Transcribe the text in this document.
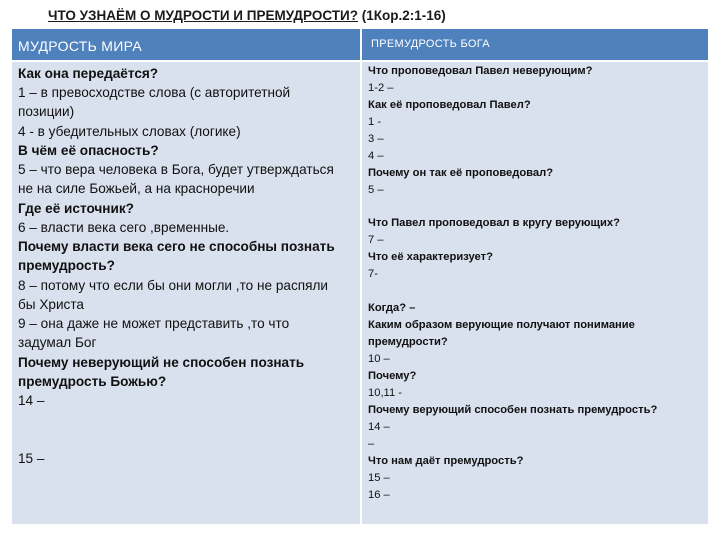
ЧТО УЗНАЁМ О МУДРОСТИ И ПРЕМУДРОСТИ? (1Кор.2:1-16)
МУДРОСТЬ МИРА	ПРЕМУДРОСТЬ БОГА
Как она передаётся?
1 – в превосходстве слова (с авторитетной
позиции)
4 - в убедительных словах (логике)
В чём её опасность?
5 – что вера человека в Бога, будет утверждаться
не на силе Божьей, а на красноречии
Где её источник?
6 – власти века сего ,временные.
Почему власти века сего не способны познать
премудрость?
8 – потому что если бы они могли ,то не распяли
бы Христа
9 – она даже не может представить ,то что
задумал Бог
Почему неверующий не способен познать
премудрость Божью?
14 –
15 –
Что проповедовал Павел неверующим?
1-2 –
Как её проповедовал Павел?
1 -
3 –
4 –
Почему он так её проповедовал?
5 –
Что Павел проповедовал в кругу верующих?
7 –
Что её характеризует?
7-
Когда? –
Каким образом верующие получают понимание
премудрости?
10 –
Почему?
10,11 -
Почему верующий способен познать премудрость?
14 –
–
Что нам даёт премудрость?
15 –
16 –
